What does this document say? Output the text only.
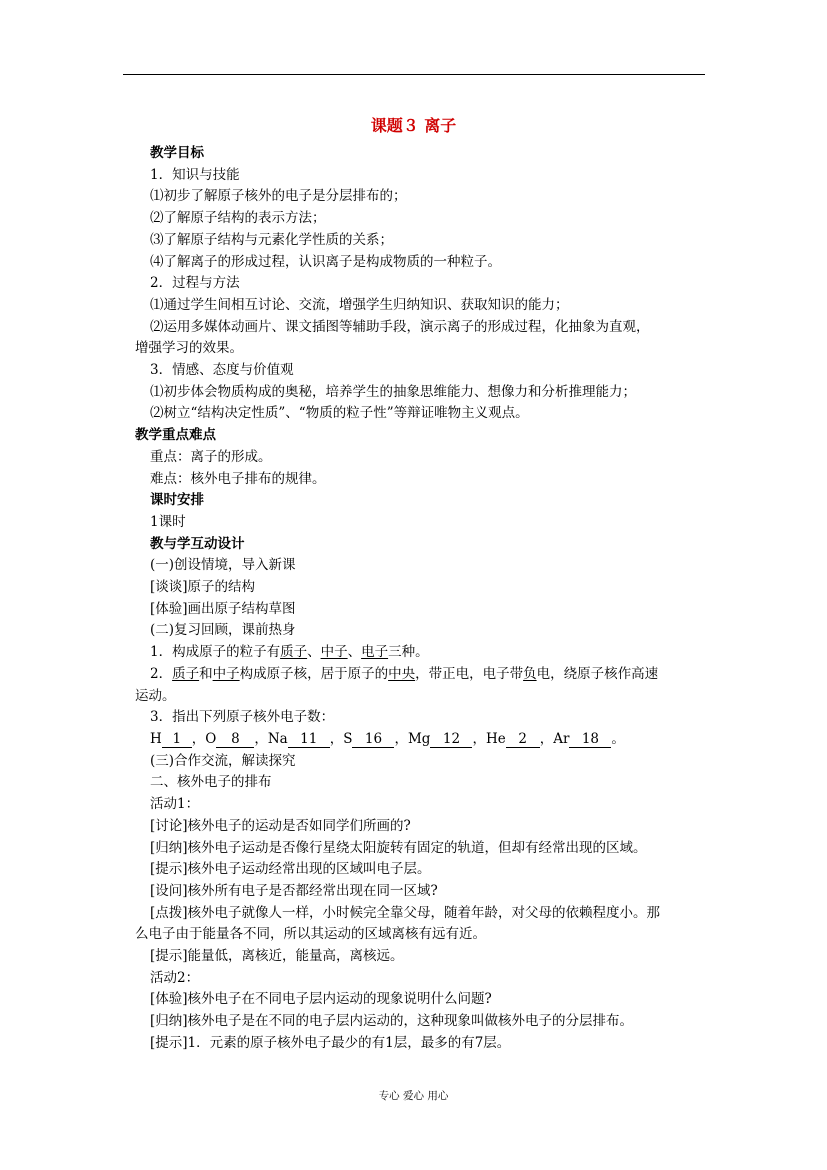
课题３ 离子

教学目标

1．知识与技能

⑴初步了解原子核外的电子是分层排布的；

⑵了解原子结构的表示方法；

⑶了解原子结构与元素化学性质的关系；

⑷了解离子的形成过程，认识离子是构成物质的一种粒子。

2．过程与方法

⑴通过学生间相互讨论、交流，增强学生归纳知识、获取知识的能力；

⑵运用多媒体动画片、课文插图等辅助手段，演示离子的形成过程，化抽象为直观，

增强学习的效果。

3．情感、态度与价值观

⑴初步体会物质构成的奥秘，培养学生的抽象思维能力、想像力和分析推理能力；

⑵树立“结构决定性质”、“物质的粒子性”等辩证唯物主义观点。

教学重点难点

重点：离子的形成。

难点：核外电子排布的规律。

课时安排

1课时

教与学互动设计

(一)创设情境，导入新课

[谈谈]原子的结构

[体验]画出原子结构草图

(二)复习回顾，课前热身

1．构成原子的粒子有质子、中子、电子三种。

2．质子和中子构成原子核，居于原子的中央，带正电，电子带负电，绕原子核作高速

运动。

3．指出下列原子核外电子数：

H 1 ，O 8 ，Na 11 ，S 16 ，Mg 12 ，He 2 ，Ar 18 。

(三)合作交流，解读探究

二、核外电子的排布

活动1：

[讨论]核外电子的运动是否如同学们所画的?

[归纳]核外电子运动是否像行星绕太阳旋转有固定的轨道，但却有经常出现的区域。

[提示]核外电子运动经常出现的区域叫电子层。

[设问]核外所有电子是否都经常出现在同一区域?

[点拨]核外电子就像人一样，小时候完全靠父母，随着年龄，对父母的依赖程度小。那

么电子由于能量各不同，所以其运动的区域离核有远有近。

[提示]能量低，离核近，能量高，离核远。

活动2：

[体验]核外电子在不同电子层内运动的现象说明什么问题?

[归纳]核外电子是在不同的电子层内运动的，这种现象叫做核外电子的分层排布。

[提示]1．元素的原子核外电子最少的有1层，最多的有7层。

专心 爱心 用心
